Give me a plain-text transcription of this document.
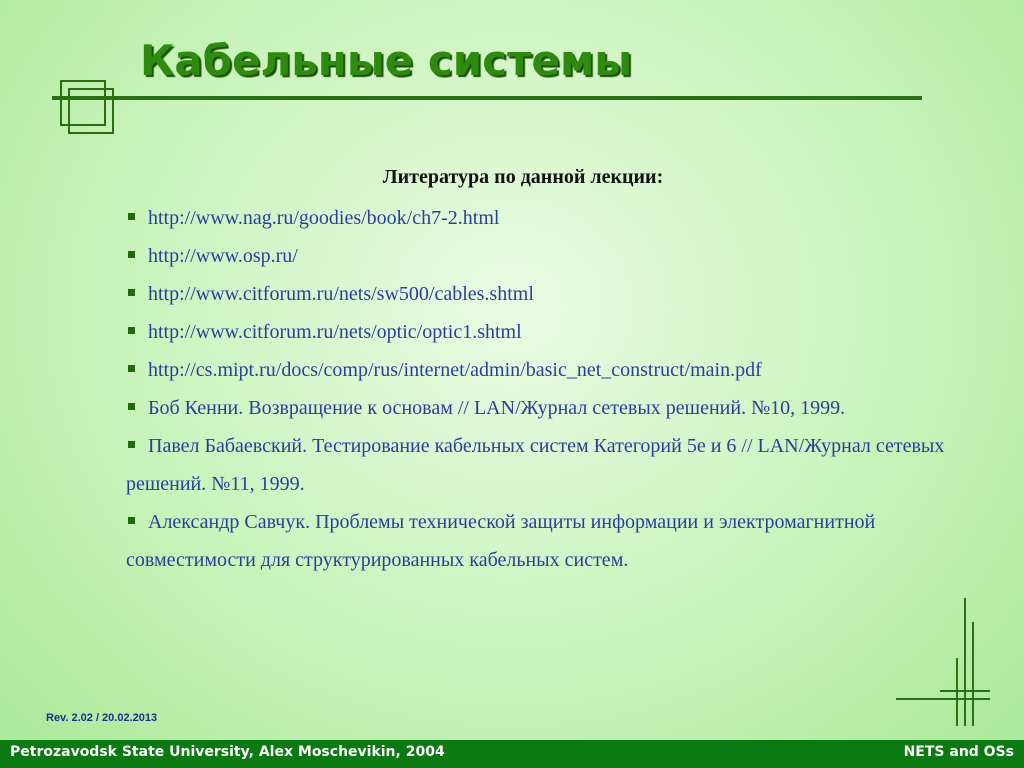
Кабельные системы
Литература по данной лекции:
http://www.nag.ru/goodies/book/ch7-2.html
http://www.osp.ru/
http://www.citforum.ru/nets/sw500/cables.shtml
http://www.citforum.ru/nets/optic/optic1.shtml
http://cs.mipt.ru/docs/comp/rus/internet/admin/basic_net_construct/main.pdf
Боб Кенни. Возвращение к основам // LAN/Журнал сетевых решений. №10, 1999.
Павел Бабаевский. Тестирование кабельных систем Категорий 5е и 6 // LAN/Журнал сетевых решений. №11, 1999.
Александр Савчук. Проблемы технической защиты информации и электромагнитной совместимости для структурированных кабельных систем.
Rev. 2.02 / 20.02.2013
Petrozavodsk State University, Alex Moschevikin, 2004	NETS and OSs
